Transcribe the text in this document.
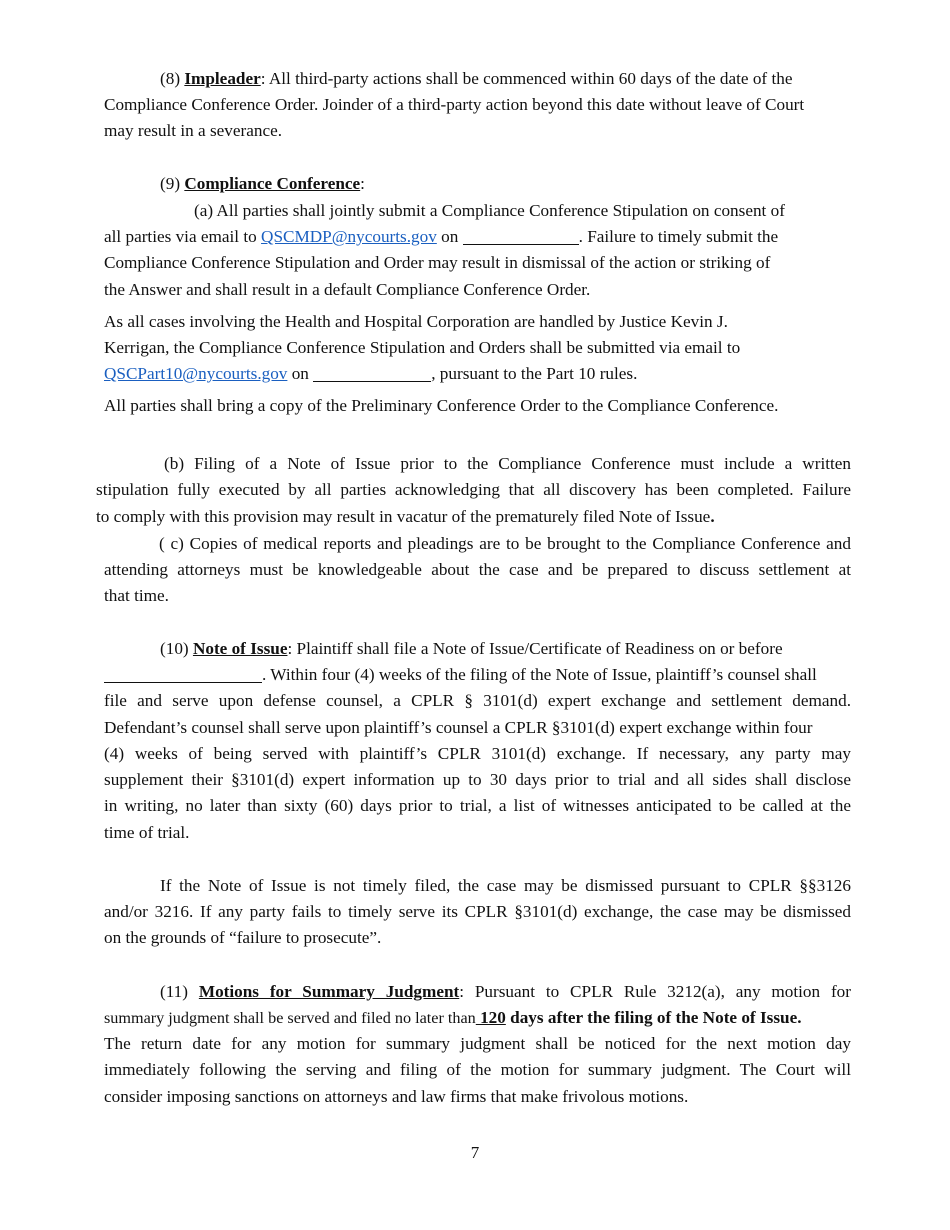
(8) Impleader: All third-party actions shall be commenced within 60 days of the date of the
Compliance Conference Order. Joinder of a third-party action beyond this date without leave of Court
may result in a severance.
(9) Compliance Conference:
(a) All parties shall jointly submit a Compliance Conference Stipulation on consent of
all parties via email to QSCMDP@nycourts.gov on	. Failure to timely submit the
Compliance Conference Stipulation and Order may result in dismissal of the action or striking of
the Answer and shall result in a default Compliance Conference Order.
As all cases involving the Health and Hospital Corporation are handled by Justice Kevin J.
Kerrigan, the Compliance Conference Stipulation and Orders shall be submitted via email to
QSCPart10@nycourts.gov on	, pursuant to the Part 10 rules.
All parties shall bring a copy of the Preliminary Conference Order to the Compliance Conference.
(b) Filing of a Note of Issue prior to the Compliance Conference must include a written
stipulation fully executed by all parties acknowledging that all discovery has been completed. Failure
to comply with this provision may result in vacatur of the prematurely filed Note of Issue.
( c) Copies of medical reports and pleadings are to be brought to the Compliance Conference and
attending attorneys must be knowledgeable about the case and be prepared to discuss settlement at
that time.
(10) Note of Issue: Plaintiff shall file a Note of Issue/Certificate of Readiness on or before
. Within four (4) weeks of the filing of the Note of Issue, plaintiff’s counsel shall
file and serve upon defense counsel, a CPLR § 3101(d) expert exchange and settlement demand.
Defendant’s counsel shall serve upon plaintiff’s counsel a CPLR §3101(d) expert exchange within four
(4) weeks of being served with plaintiff’s CPLR 3101(d) exchange. If necessary, any party may
supplement their §3101(d) expert information up to 30 days prior to trial and all sides shall disclose
in writing, no later than sixty (60) days prior to trial, a list of witnesses anticipated to be called at the
time of trial.
If the Note of Issue is not timely filed, the case may be dismissed pursuant to CPLR §§3126
and/or 3216. If any party fails to timely serve its CPLR §3101(d) exchange, the case may be dismissed
on the grounds of “failure to prosecute”.
(11) Motions for Summary Judgment: Pursuant to CPLR Rule 3212(a), any motion for
summary judgment shall be served and filed no later than 120 days after the filing of the Note of Issue.
The return date for any motion for summary judgment shall be noticed for the next motion day
immediately following the serving and filing of the motion for summary judgment. The Court will
consider imposing sanctions on attorneys and law firms that make frivolous motions.
7
